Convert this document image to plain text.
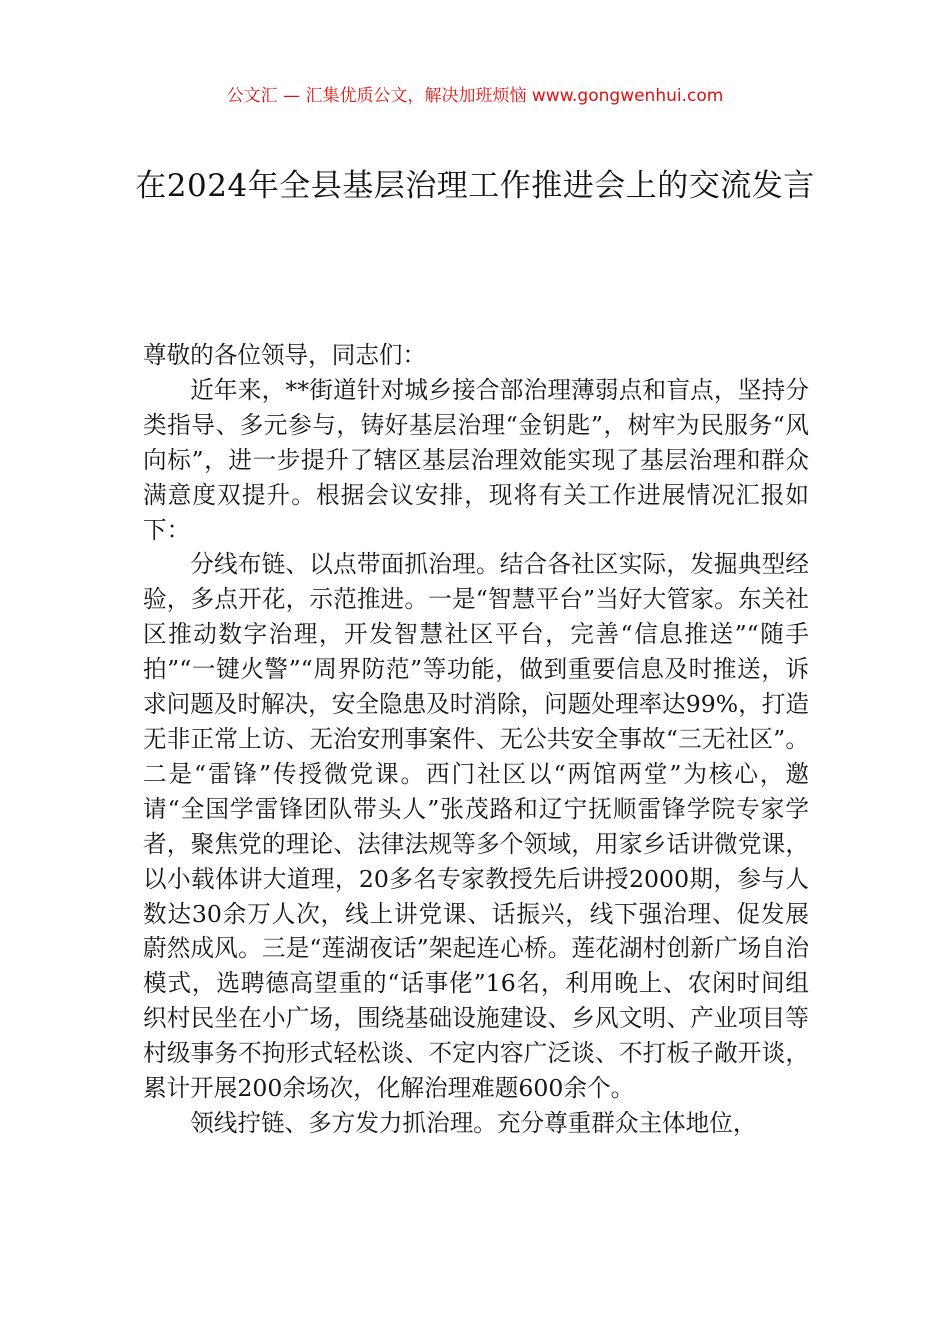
公文汇 — 汇集优质公文，解决加班烦恼 www.gongwenhui.com
在2024年全县基层治理工作推进会上的交流发言

尊敬的各位领导，同志们：

近年来，**街道针对城乡接合部治理薄弱点和盲点，坚持分类指导、多元参与，铸好基层治理“金钥匙”，树牢为民服务“风向标”，进一步提升了辖区基层治理效能实现了基层治理和群众满意度双提升。根据会议安排，现将有关工作进展情况汇报如下：

分线布链、以点带面抓治理。结合各社区实际，发掘典型经验，多点开花，示范推进。一是“智慧平台”当好大管家。东关社区推动数字治理，开发智慧社区平台，完善“信息推送”“随手拍”“一键火警”“周界防范”等功能，做到重要信息及时推送，诉求问题及时解决，安全隐患及时消除，问题处理率达99%，打造无非正常上访、无治安刑事案件、无公共安全事故“三无社区”。二是“雷锋”传授微党课。西门社区以“两馆两堂”为核心，邀请“全国学雷锋团队带头人”张茂路和辽宁抚顺雷锋学院专家学者，聚焦党的理论、法律法规等多个领域，用家乡话讲微党课，以小载体讲大道理，20多名专家教授先后讲授2000期，参与人数达30余万人次，线上讲党课、话振兴，线下强治理、促发展蔚然成风。三是“莲湖夜话”架起连心桥。莲花湖村创新广场自治模式，选聘德高望重的“话事佬”16名，利用晚上、农闲时间组织村民坐在小广场，围绕基础设施建设、乡风文明、产业项目等村级事务不拘形式轻松谈、不定内容广泛谈、不打板子敞开谈，累计开展200余场次，化解治理难题600余个。

领线拧链、多方发力抓治理。充分尊重群众主体地位，
